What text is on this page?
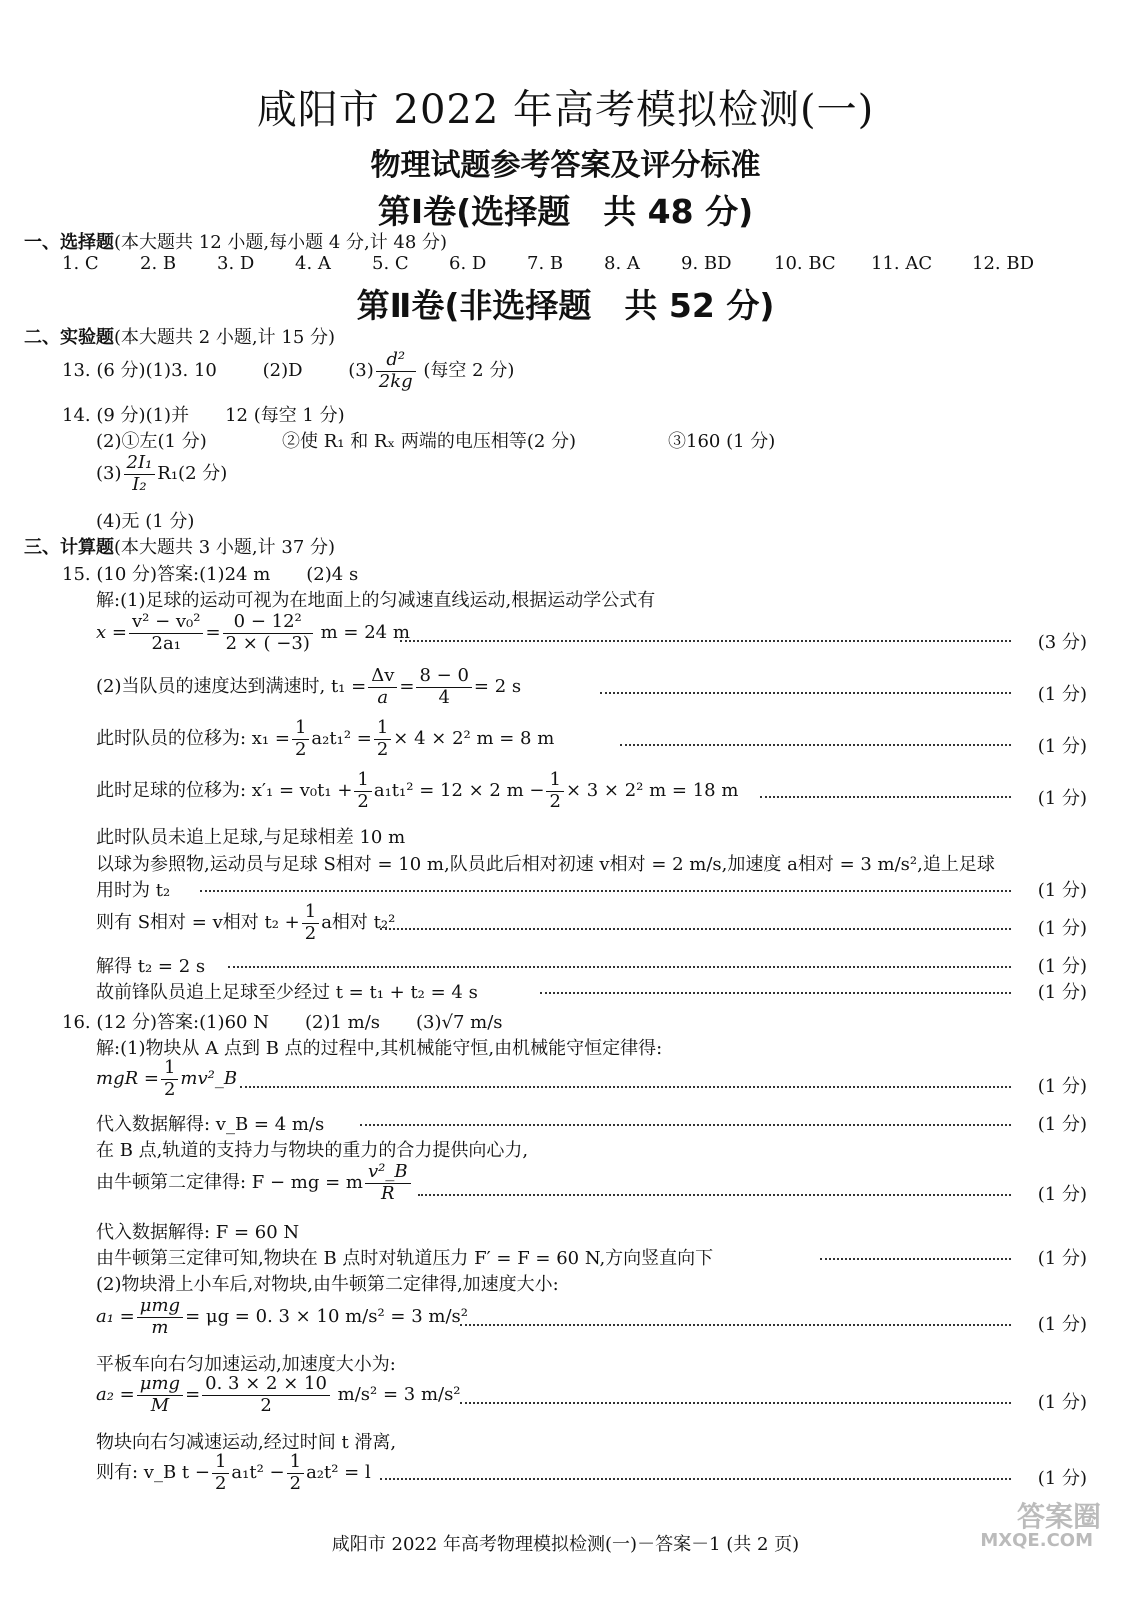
咸阳市 2022 年高考模拟检测(一)
物理试题参考答案及评分标准
第Ⅰ卷(选择题　共 48 分)
一、选择题(本大题共 12 小题,每小题 4 分,计 48 分)
1. C 2. B 3. D 4. A 5. C 6. D 7. B 8. A 9. BD 10. BC 11. AC 12. BD
第Ⅱ卷(非选择题　共 52 分)
二、实验题(本大题共 2 小题,计 15 分)
13. (6 分)(1)3. 10	(2)D	$(3) \frac{\text{d²}}{2kg}$ (每空 2 分)
14. (9 分)(1)并　　12 (每空 1 分)
(2)①左(1 分)	②使 R₁ 和 Rₓ 两端的电压相等(2 分)	③160 (1 分)
$(3) \frac{\text{2I₁}}{\text{I₂}} R_1(2$ 分)
(4)无 (1 分)
三、计算题(本大题共 3 小题,计 37 分)
15. (10 分)答案:(1)24 m　　(2)4 s
解:(1)足球的运动可视为在地面上的匀减速直线运动,根据运动学公式有
$x = \frac{\text{v² − v₀²}}{\text{2a₁}} = \frac{\text{0 − 12²}}{2 \times ( -3)}$ m = 24 m	(3 分)
(2)当队员的速度达到满速时, $t_1 = \frac{\Delta v}{a} = \frac{8 - 0}{4} = 2$ s	(1 分)
此时队员的位移为: $x_1 = \frac{1}{2} a_2t_1^2 = \frac{1}{2} \times 4 \times 2^2$ m = 8 m	(1 分)
此时足球的位移为: $x'_1 = v_0t_1 + \frac{1}{2} a_1t_1^2 = 12 \times 2$ $m - \frac{1}{2} \times 3 \times 2^2$ m = 18 m	(1 分)
此时队员未追上足球,与足球相差 10 m
以球为参照物,运动员与足球 S相对 = 10 m,队员此后相对初速 v相对 = 2 m/s,加速度 a相对 = 3 m/s²,追上足球
用时为 t₂	(1 分)
则有 S相对 = v相对 $t_2 + \frac{1}{2}$ a相对 t₂²	(1 分)
解得 t₂ = 2 s	(1 分)
故前锋队员追上足球至少经过 t = t₁ + t₂ = 4 s	(1 分)
16. (12 分)答案:(1)60 N　　(2)1 m/s　　(3)√7 m/s
解:(1)物块从 A 点到 B 点的过程中,其机械能守恒,由机械能守恒定律得:
mgR = $\frac{1}{2}$ mv²_B	(1 分)
代入数据解得: v_B = 4 m/s	(1 分)
在 B 点,轨道的支持力与物块的重力的合力提供向心力,
由牛顿第二定律得: F − mg = m $\frac{\text{v²\_B}}{R}$	(1 分)
代入数据解得: F = 60 N
由牛顿第三定律可知,物块在 B 点时对轨道压力 F′ = F = 60 N,方向竖直向下	(1 分)
(2)物块滑上小车后,对物块,由牛顿第二定律得,加速度大小:
$a_1 = \frac{\text{μmg}}{m} = \mu g = 0$. 3 × 10 m/s² = 3 m/s²	(1 分)
平板车向右匀加速运动,加速度大小为:
$a_2 = \frac{\text{μmg}}{M} = \frac{0. 3 \times 2 \times 10}{2} m/s^2 = 3$ m/s²	(1 分)
物块向右匀减速运动,经过时间 t 滑离,
则有: v_B $t - \frac{1}{2} a_1t^2 - \frac{1}{2} a_2t^2 = l$	(1 分)
咸阳市 2022 年高考物理模拟检测(一)－答案－1 (共 2 页)
答案圈
MXQE.COM
